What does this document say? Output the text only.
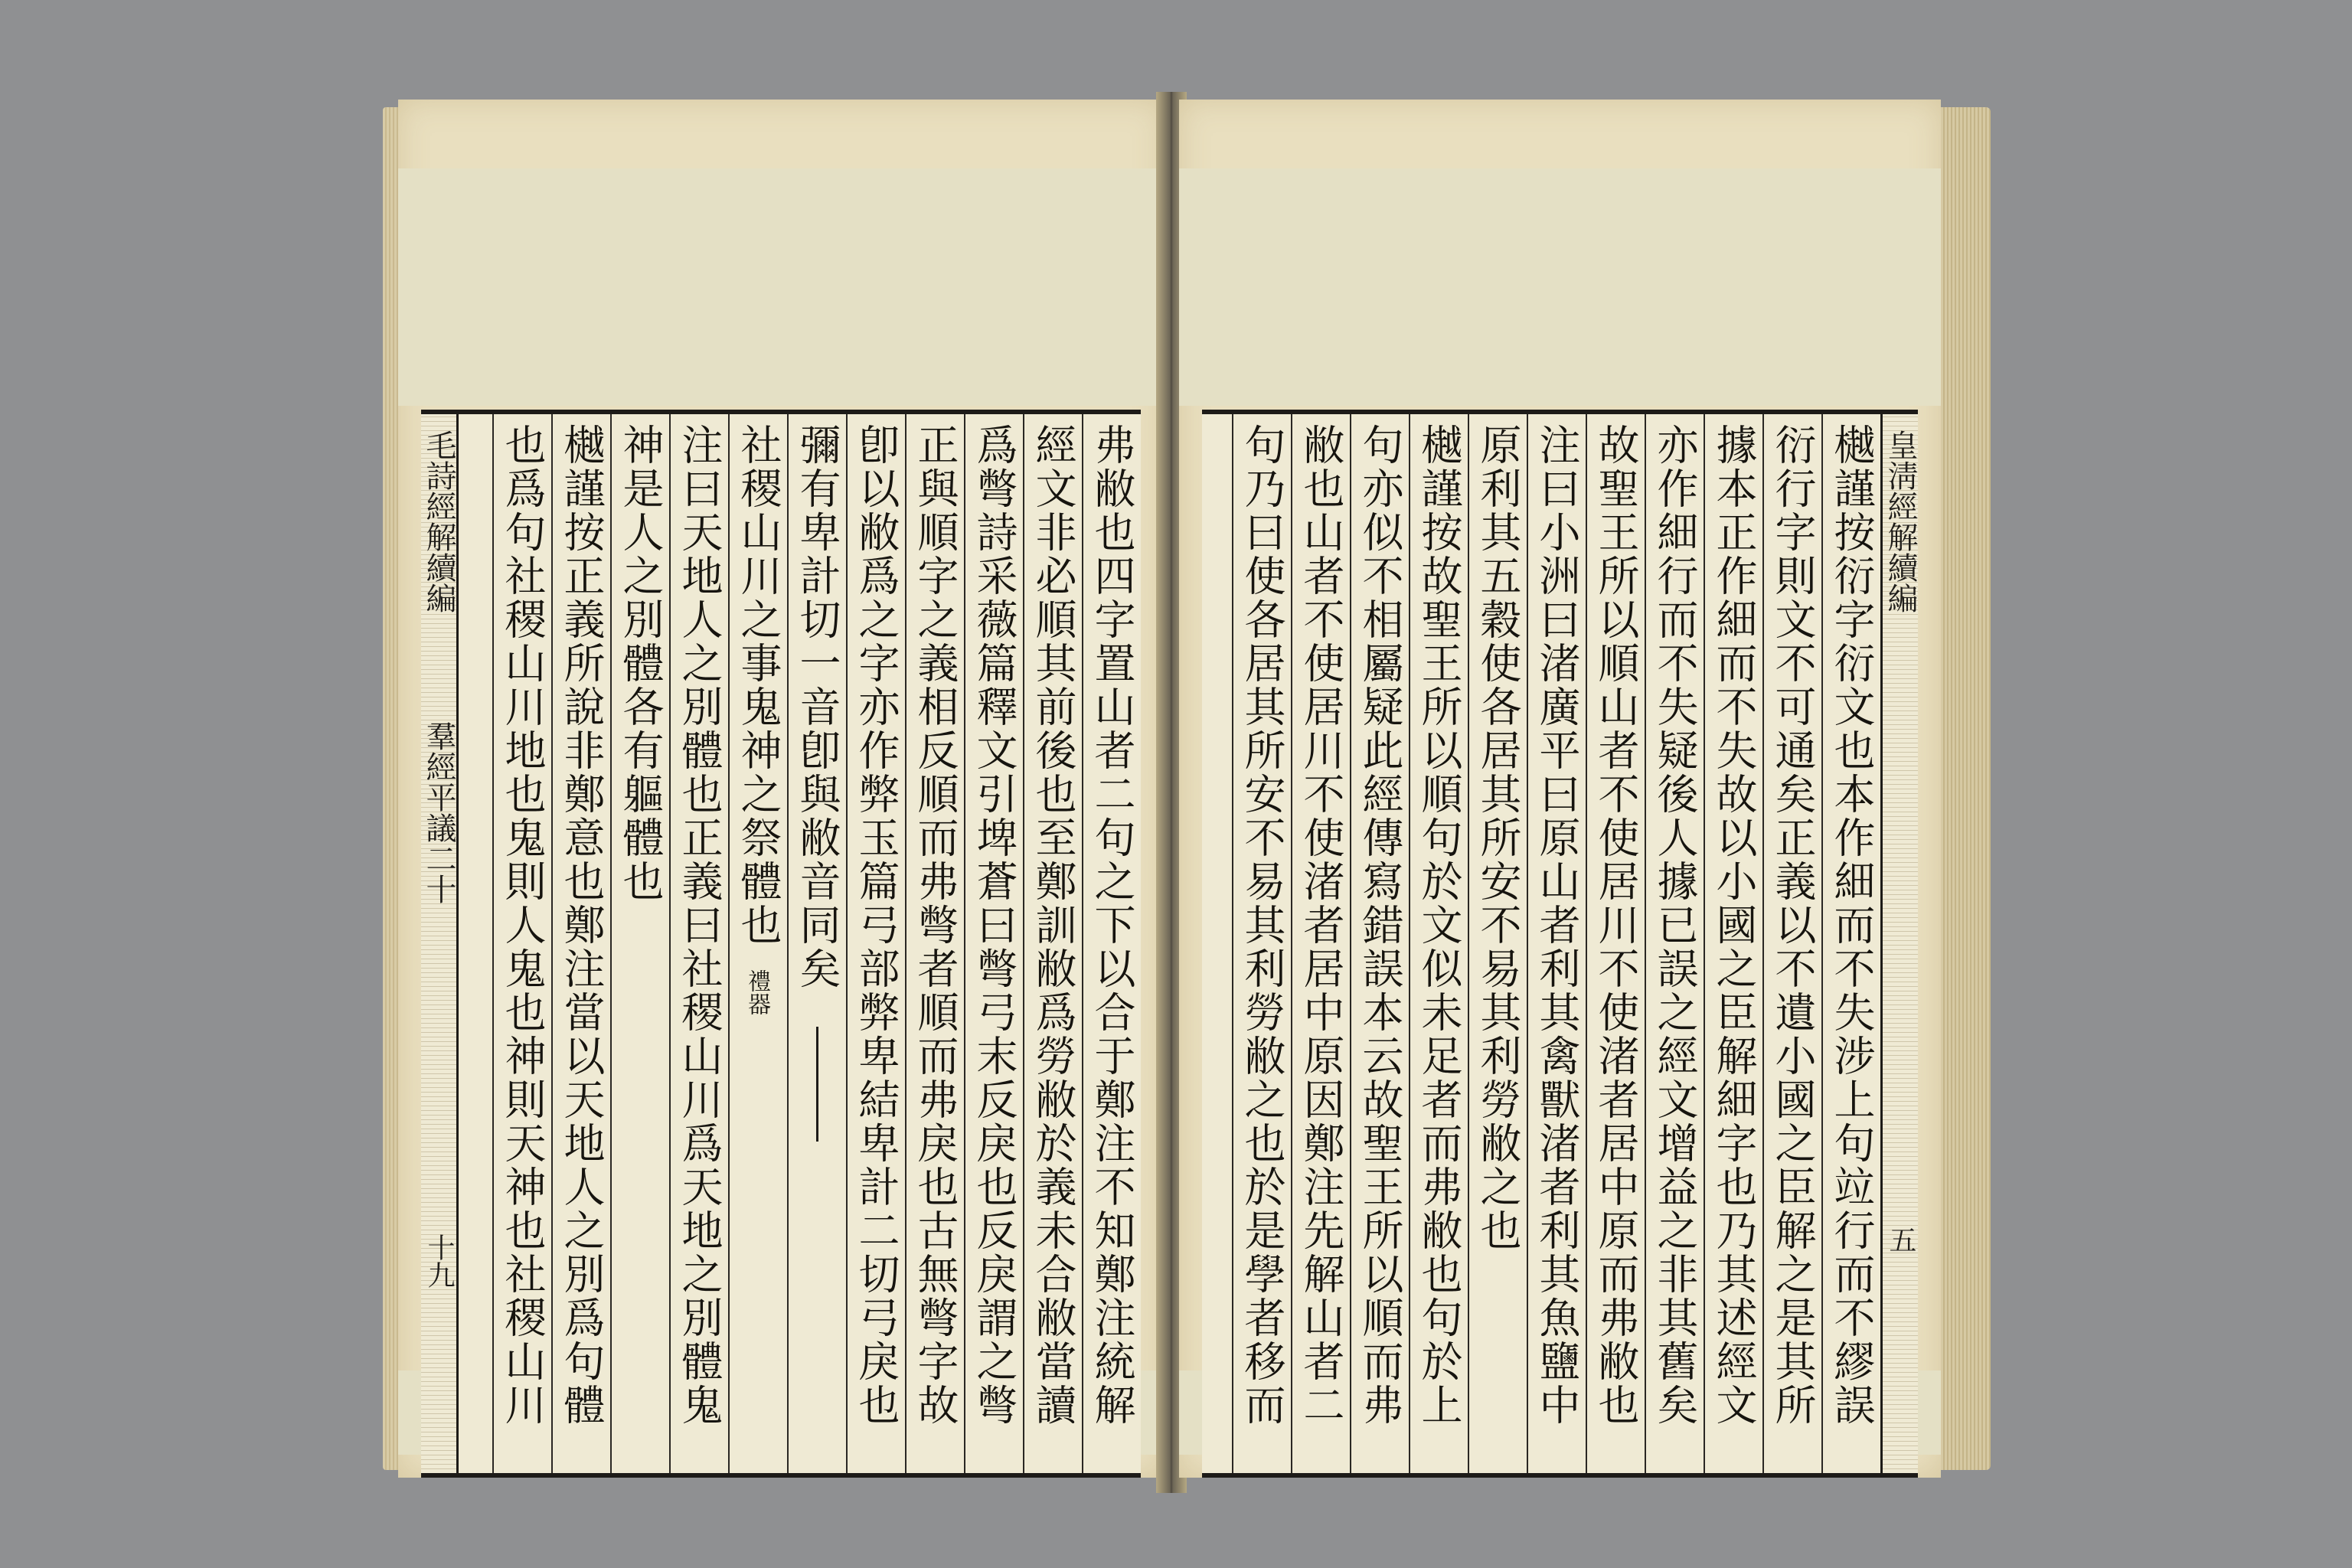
毛詩經解續編
羣經平議二十
十九	弗敝也四字置山者二句之下以合于鄭注不知鄭注統解
經文非必順其前後也至鄭訓敝爲勞敝於義未合敝當讀
爲彆詩采薇篇釋文引埤蒼曰彆弓末反戾也反戾謂之彆
正與順字之義相反順而弗彆者順而弗戾也古無彆字故
卽以敝爲之字亦作弊玉篇弓部弊卑結卑計二切弓戾也
彌有卑計切一音卽與敝音同矣
社稷山川之事鬼神之祭體也
禮器
注曰天地人之別體也正義曰社稷山川爲天地之別體鬼
神是人之別體各有軀體也
樾謹按正義所說非鄭意也鄭注當以天地人之別爲句體
也爲句社稷山川地也鬼則人鬼也神則天神也社稷山川	皇淸經解續編
五
樾謹按衍字衍文也本作細而不失涉上句竝行而不繆誤
衍行字則文不可通矣正義以不遺小國之臣解之是其所
據本正作細而不失故以小國之臣解細字也乃其述經文
亦作細行而不失疑後人據已誤之經文增益之非其舊矣
故聖王所以順山者不使居川不使渚者居中原而弗敝也
注曰小洲曰渚廣平曰原山者利其禽獸渚者利其魚鹽中
原利其五穀使各居其所安不易其利勞敝之也
樾謹按故聖王所以順句於文似未足者而弗敝也句於上
句亦似不相屬疑此經傳寫錯誤本云故聖王所以順而弗
敝也山者不使居川不使渚者居中原因鄭注先解山者二
句乃曰使各居其所安不易其利勞敝之也於是學者移而
